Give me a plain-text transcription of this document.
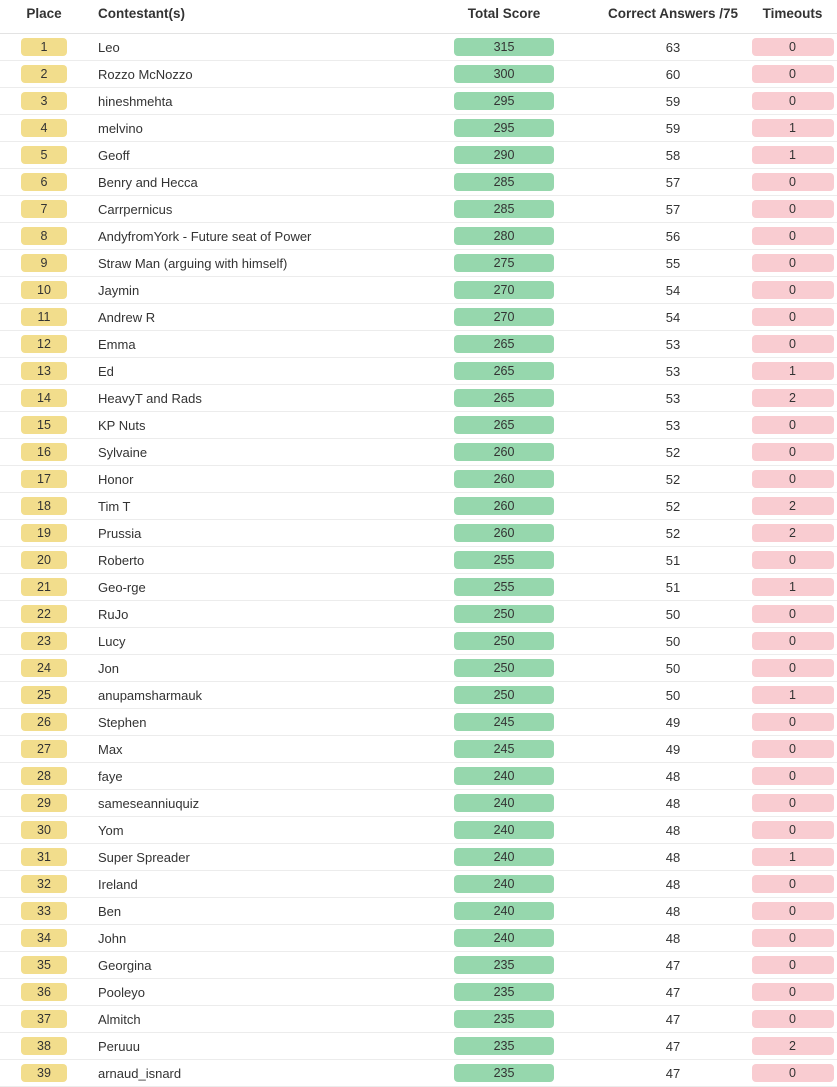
Place	Contestant(s)	Total Score	Correct Answers /75	Timeouts

1	Leo	315	63	0

2	Rozzo McNozzo	300	60	0

3	hineshmehta	295	59	0

4	melvino	295	59	1

5	Geoff	290	58	1

6	Benry and Hecca	285	57	0

7	Carrpernicus	285	57	0

8	AndyfromYork - Future seat of Power	280	56	0

9	Straw Man (arguing with himself)	275	55	0

10	Jaymin	270	54	0

11	Andrew R	270	54	0

12	Emma	265	53	0

13	Ed	265	53	1

14	HeavyT and Rads	265	53	2

15	KP Nuts	265	53	0

16	Sylvaine	260	52	0

17	Honor	260	52	0

18	Tim T	260	52	2

19	Prussia	260	52	2

20	Roberto	255	51	0

21	Geo-rge	255	51	1

22	RuJo	250	50	0

23	Lucy	250	50	0

24	Jon	250	50	0

25	anupamsharmauk	250	50	1

26	Stephen	245	49	0

27	Max	245	49	0

28	faye	240	48	0

29	sameseanniuquiz	240	48	0

30	Yom	240	48	0

31	Super Spreader	240	48	1

32	Ireland	240	48	0

33	Ben	240	48	0

34	John	240	48	0

35	Georgina	235	47	0

36	Pooleyo	235	47	0

37	Almitch	235	47	0

38	Peruuu	235	47	2

39	arnaud_isnard	235	47	0
